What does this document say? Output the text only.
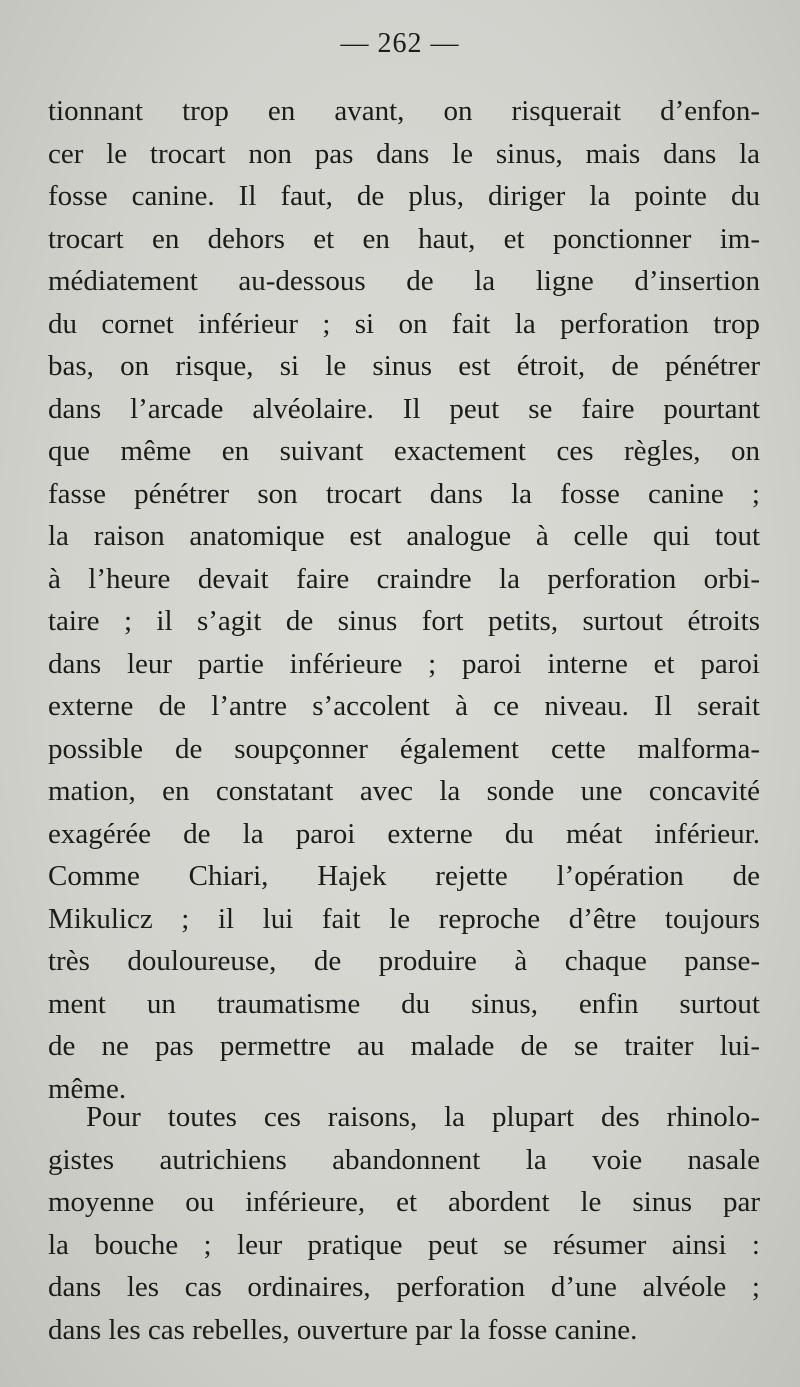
— 262 —
tionnant trop en avant, on risquerait d’enfon-
cer le trocart non pas dans le sinus, mais dans la
fosse canine. Il faut, de plus, diriger la pointe du
trocart en dehors et en haut, et ponctionner im-
médiatement au-dessous de la ligne d’insertion
du cornet inférieur ; si on fait la perforation trop
bas, on risque, si le sinus est étroit, de pénétrer
dans l’arcade alvéolaire. Il peut se faire pourtant
que même en suivant exactement ces règles, on
fasse pénétrer son trocart dans la fosse canine ;
la raison anatomique est analogue à celle qui tout
à l’heure devait faire craindre la perforation orbi-
taire ; il s’agit de sinus fort petits, surtout étroits
dans leur partie inférieure ; paroi interne et paroi
externe de l’antre s’accolent à ce niveau. Il serait
possible de soupçonner également cette malforma-
mation, en constatant avec la sonde une concavité
exagérée de la paroi externe du méat inférieur.
Comme Chiari, Hajek rejette l’opération de
Mikulicz ; il lui fait le reproche d’être toujours
très douloureuse, de produire à chaque panse-
ment un traumatisme du sinus, enfin surtout
de ne pas permettre au malade de se traiter lui-
même.
Pour toutes ces raisons, la plupart des rhinolo-
gistes autrichiens abandonnent la voie nasale
moyenne ou inférieure, et abordent le sinus par
la bouche ; leur pratique peut se résumer ainsi :
dans les cas ordinaires, perforation d’une alvéole ;
dans les cas rebelles, ouverture par la fosse canine.
